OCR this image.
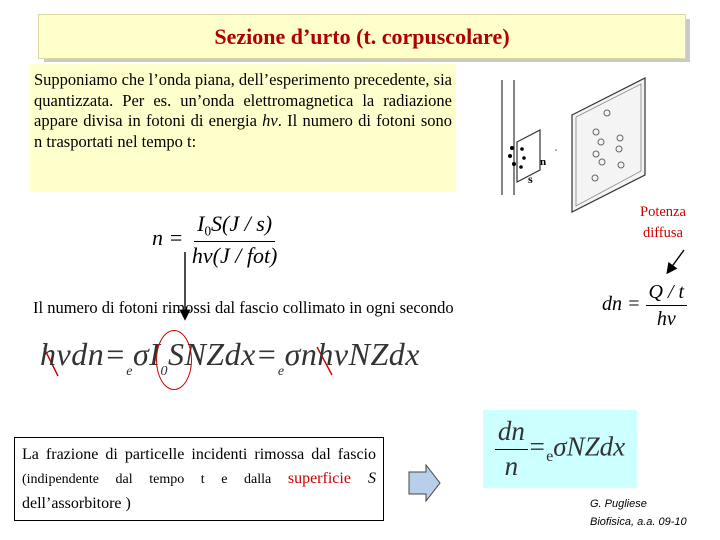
Sezione d’urto (t. corpuscolare)
Supponiamo che l’onda piana, dell’esperimento precedente, sia quantizzata. Per es. un’onda elettromagnetica la radiazione appare divisa in fotoni di energia hν. Il numero di fotoni sono n trasportati nel tempo t:
n
s
$n = \frac{I_0S(J / s)}{\text{hν(J / fot)}}$	Potenza
diffusa
Il numero di fotoni rimossi dal fascio collimato in ogni secondo	dn = $\frac{Q / t}{h\nu}$
$h\nu dn=_e\sigma I_0SNZdx=_e\sigma nh\nu NZdx$
La frazione di particelle incidenti rimossa dal fascio (indipendente dal tempo t e dalla superficie S dell’assorbitore )
$\frac{dn}{n}$ $=_e\sigma NZdx$
G. Pugliese
Biofisica, a.a. 09-10
